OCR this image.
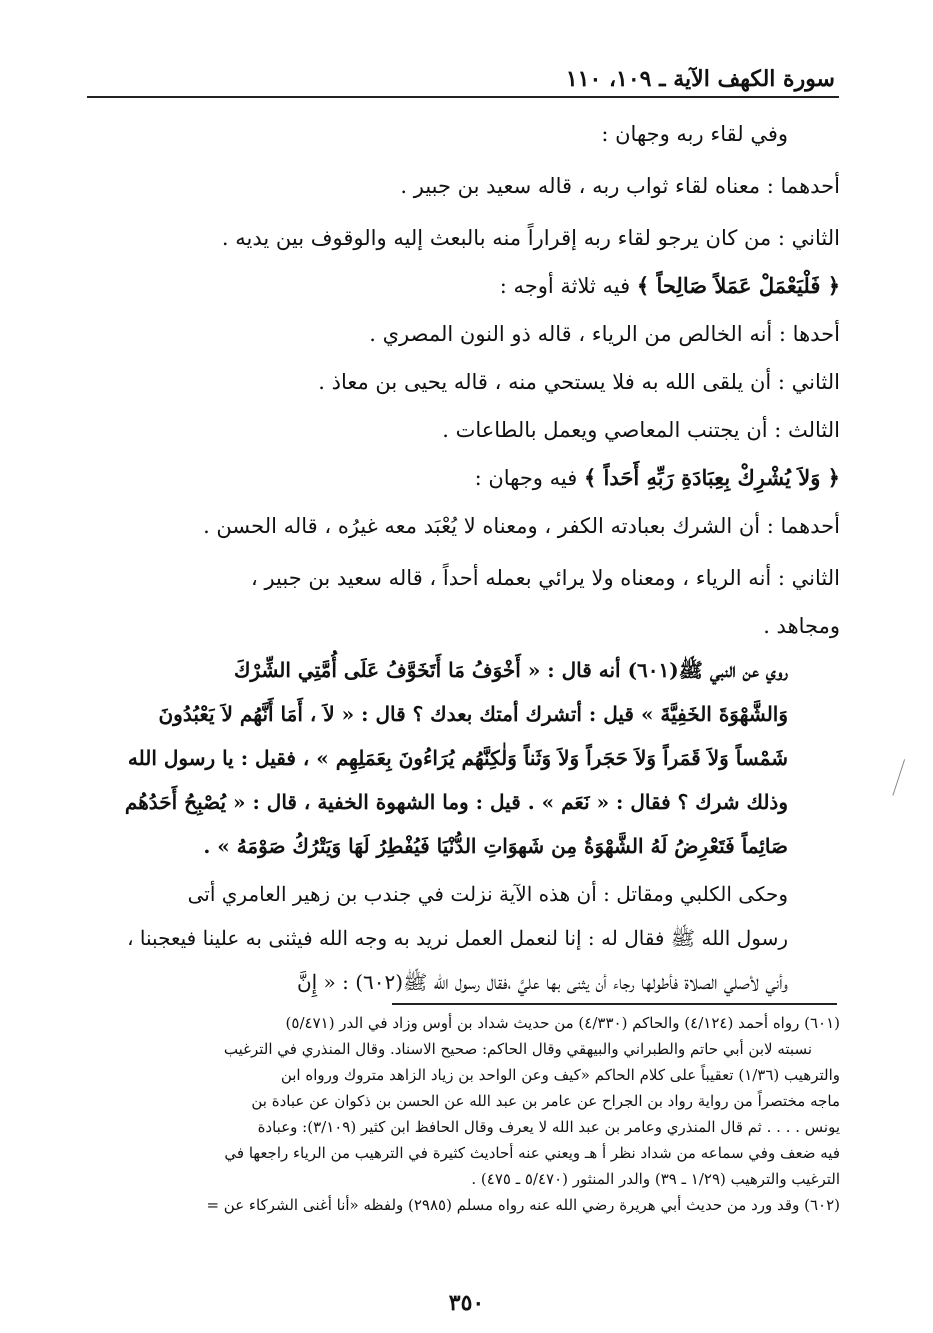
سورة الكهف الآية ـ ١٠٩، ١١٠
وفي لقاء ربه وجهان :
أحدهما : معناه لقاء ثواب ربه ، قاله سعيد بن جبير .
الثاني : من كان يرجو لقاء ربه إقراراً منه بالبعث إليه والوقوف بين يديه .
﴿ فَلْيَعْمَلْ عَمَلاً صَالِحاً ﴾ فيه ثلاثة أوجه :
أحدها : أنه الخالص من الرياء ، قاله ذو النون المصري .
الثاني : أن يلقى الله به فلا يستحي منه ، قاله يحيى بن معاذ .
الثالث : أن يجتنب المعاصي ويعمل بالطاعات .
﴿ وَلاَ يُشْرِكْ بِعِبَادَةِ رَبِّهِ أَحَداً ﴾ فيه وجهان :
أحدهما : أن الشرك بعبادته الكفر ، ومعناه لا يُعْبَد معه غيرُه ، قاله الحسن .
الثاني : أنه الرياء ، ومعناه ولا يرائي بعمله أحداً ، قاله سعيد بن جبير ،
ومجاهد .
روي عن النبي ﷺ(٦٠١) أنه قال : « أَخْوَفُ مَا أَتَخَوَّفُ عَلَى أُمَّتِي الشِّرْكَ
وَالشَّهْوَةَ الخَفِيَّةَ » قيل : أتشرك أمتك بعدك ؟ قال : « لاَ ، أَمَا أَنَّهُم لاَ يَعْبُدُونَ
شَمْساً وَلاَ قَمَراً وَلاَ حَجَراً وَلاَ وَثَناً وَلٰكِنَّهُم يُرَاءُونَ بِعَمَلِهِم » ، فقيل : يا رسول الله
وذلك شرك ؟ فقال : « نَعَم » . قيل : وما الشهوة الخفية ، قال : « يُصْبِحُ أَحَدُهُم
صَائِماً فَتَعْرِضُ لَهُ الشَّهْوَةُ مِن شَهوَاتِ الدُّنْيَا فَيُفْطِرُ لَهَا وَيَتْرُكُ صَوْمَهُ » .
وحكى الكلبي ومقاتل : أن هذه الآية نزلت في جندب بن زهير العامري أتى
رسول الله ﷺ فقال له : إنا لنعمل العمل نريد به وجه الله فيثنى به علينا فيعجبنا ،
وأني لأصلي الصلاة فأطولها رجاء أن يثنى بها عليَّ ،فقال رسول الله ﷺ(٦٠٢) : « إِنَّ
(٦٠١) رواه أحمد (٤/١٢٤) والحاكم (٤/٣٣٠) من حديث شداد بن أوس وزاد في الدر (٥/٤٧١)
نسبته لابن أبي حاتم والطبراني والبيهقي وقال الحاكم: صحيح الاسناد. وقال المنذري في الترغيب
والترهيب (١/٣٦) تعقيباً على كلام الحاكم «كيف وعن الواحد بن زياد الزاهد متروك ورواه ابن
ماجه مختصراً من رواية رواد بن الجراح عن عامر بن عبد الله عن الحسن بن ذكوان عن عبادة بن
يونس . . . . ثم قال المنذري وعامر بن عبد الله لا يعرف وقال الحافظ ابن كثير (٣/١٠٩): وعبادة
فيه ضعف وفي سماعه من شداد نظر أ هـ ويعني عنه أحاديث كثيرة في الترهيب من الرياء راجعها في
الترغيب والترهيب (١/٢٩ ـ ٣٩) والدر المنثور (٥/٤٧٠ ـ ٤٧٥) .
(٦٠٢) وقد ورد من حديث أبي هريرة رضي الله عنه رواه مسلم (٢٩٨٥) ولفظه «أنا أغنى الشركاء عن =
٣٥٠
